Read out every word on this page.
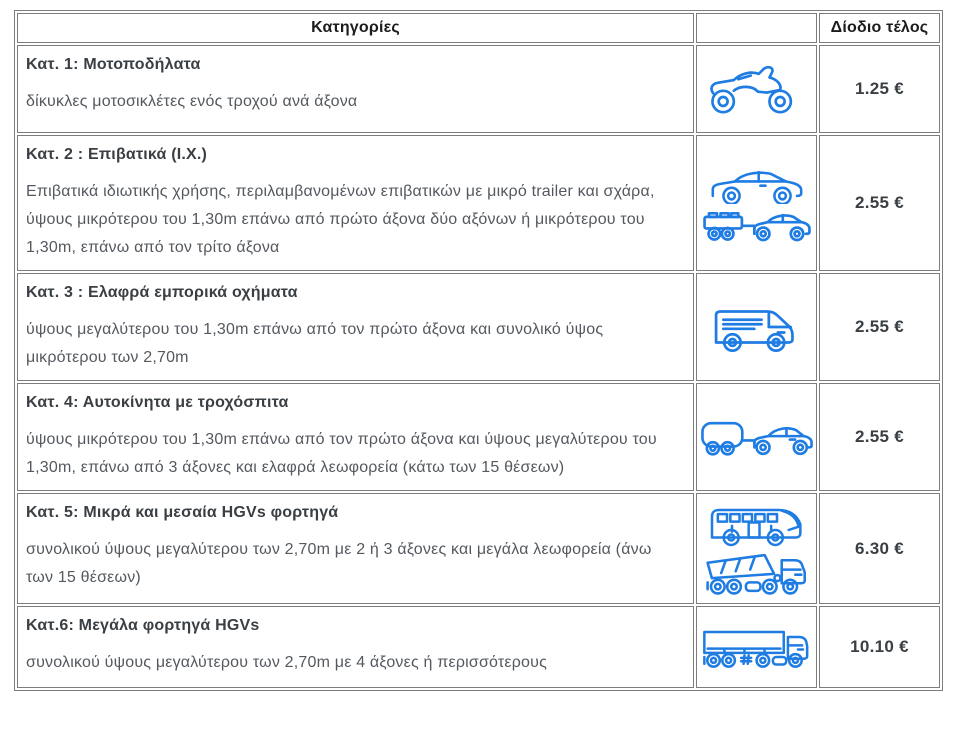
Κατηγορίες		Δίοδιο τέλος

Κατ. 1: Μοτοποδήλατα

δίκυκλες μοτοσικλέτες ενός τροχού ανά άξονα		1.25 €

Κατ. 2 : Επιβατικά (Ι.Χ.)

Επιβατικά ιδιωτικής χρήσης, περιλαμβανομένων επιβατικών με μικρό trailer και σχάρα, ύψους μικρότερου του 1,30m επάνω από πρώτο άξονα δύο αξόνων ή μικρότερου του 1,30m, επάνω από τον τρίτο άξονα		2.55 €

Κατ. 3 : Ελαφρά εμπορικά οχήματα

ύψους μεγαλύτερου του 1,30m επάνω από τον πρώτο άξονα και συνολικό ύψος μικρότερου των 2,70m		2.55 €

Κατ. 4: Αυτοκίνητα με τροχόσπιτα

ύψους μικρότερου του 1,30m επάνω από τον πρώτο άξονα και ύψους μεγαλύτερου του 1,30m, επάνω από 3 άξονες και ελαφρά λεωφορεία (κάτω των 15 θέσεων)		2.55 €

Κατ. 5: Μικρά και μεσαία HGVs φορτηγά

συνολικού ύψους μεγαλύτερου των 2,70m με 2 ή 3 άξονες και μεγάλα λεωφορεία (άνω των 15 θέσεων)		6.30 €

Κατ.6: Μεγάλα φορτηγά HGVs

συνολικού ύψους μεγαλύτερου των 2,70m με 4 άξονες ή περισσότερους		10.10 €
